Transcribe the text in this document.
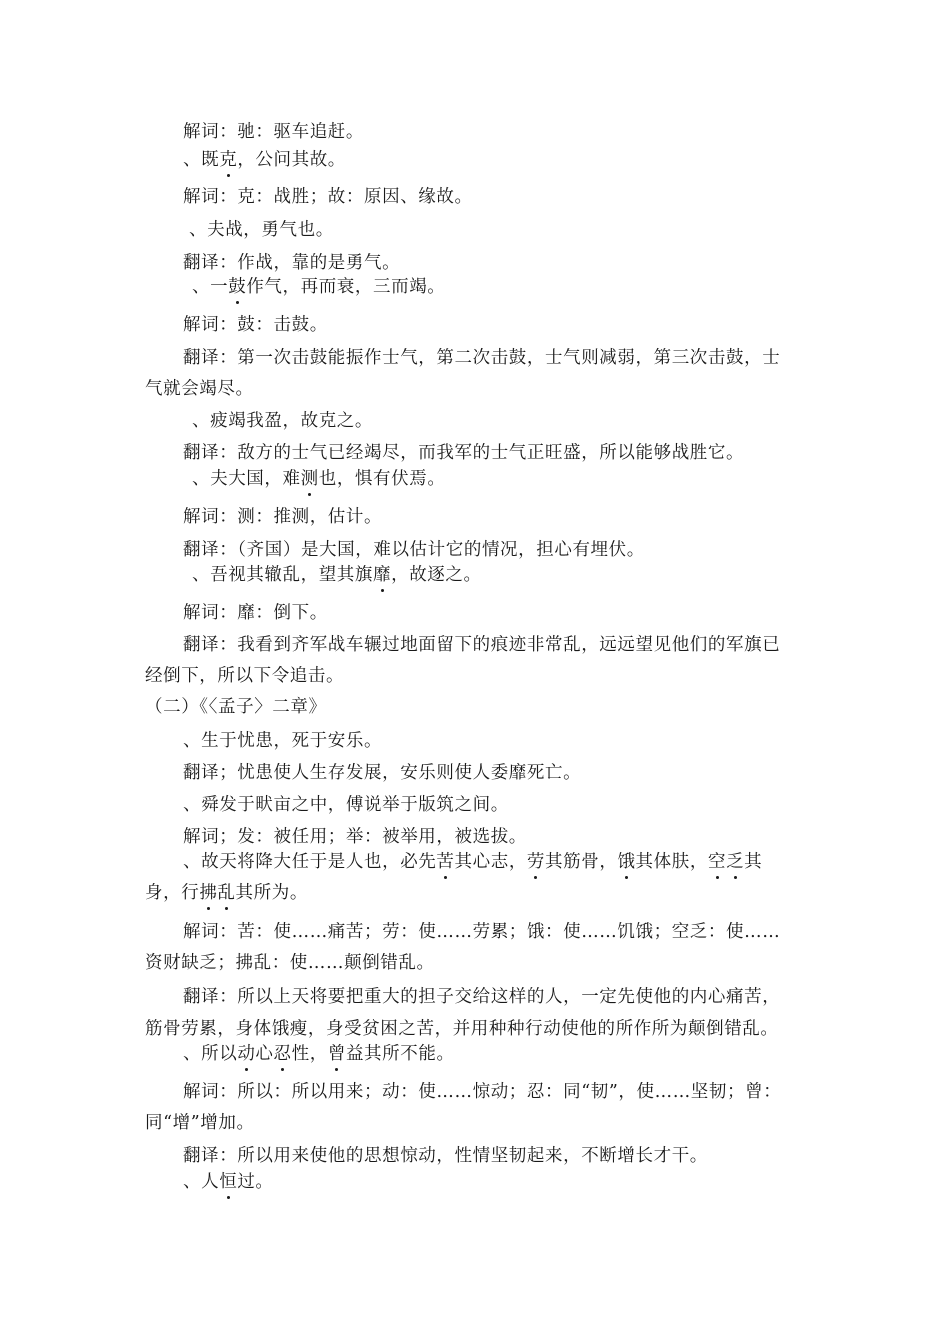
解词：驰：驱车追赶。
、既克，公问其故。
解词：克：战胜；故：原因、缘故。
、夫战，勇气也。
翻译：作战，靠的是勇气。
、一鼓作气，再而衰，三而竭。
解词：鼓：击鼓。
翻译：第一次击鼓能振作士气，第二次击鼓，士气则减弱，第三次击鼓，士
气就会竭尽。
、疲竭我盈，故克之。
翻译：敌方的士气已经竭尽，而我军的士气正旺盛，所以能够战胜它。
、夫大国，难测也，惧有伏焉。
解词：测：推测，估计。
翻译：（齐国）是大国，难以估计它的情况，担心有埋伏。
、吾视其辙乱，望其旗靡，故逐之。
解词：靡：倒下。
翻译：我看到齐军战车辗过地面留下的痕迹非常乱，远远望见他们的军旗已
经倒下，所以下令追击。
（二）《〈孟子〉二章》
、生于忧患，死于安乐。
翻译；忧患使人生存发展，安乐则使人委靡死亡。
、舜发于畎亩之中，傅说举于版筑之间。
解词；发：被任用；举：被举用，被选拔。
、故天将降大任于是人也，必先苦其心志，劳其筋骨，饿其体肤，空乏其
身，行拂乱其所为。
解词：苦：使……痛苦；劳：使……劳累；饿：使……饥饿；空乏：使……
资财缺乏；拂乱：使……颠倒错乱。
翻译：所以上天将要把重大的担子交给这样的人，一定先使他的内心痛苦，
筋骨劳累，身体饿瘦，身受贫困之苦，并用种种行动使他的所作所为颠倒错乱。
、所以动心忍性，曾益其所不能。
解词：所以：所以用来；动：使……惊动；忍：同“韧”，使……坚韧；曾：
同“增”增加。
翻译：所以用来使他的思想惊动，性情坚韧起来，不断增长才干。
、人恒过。
